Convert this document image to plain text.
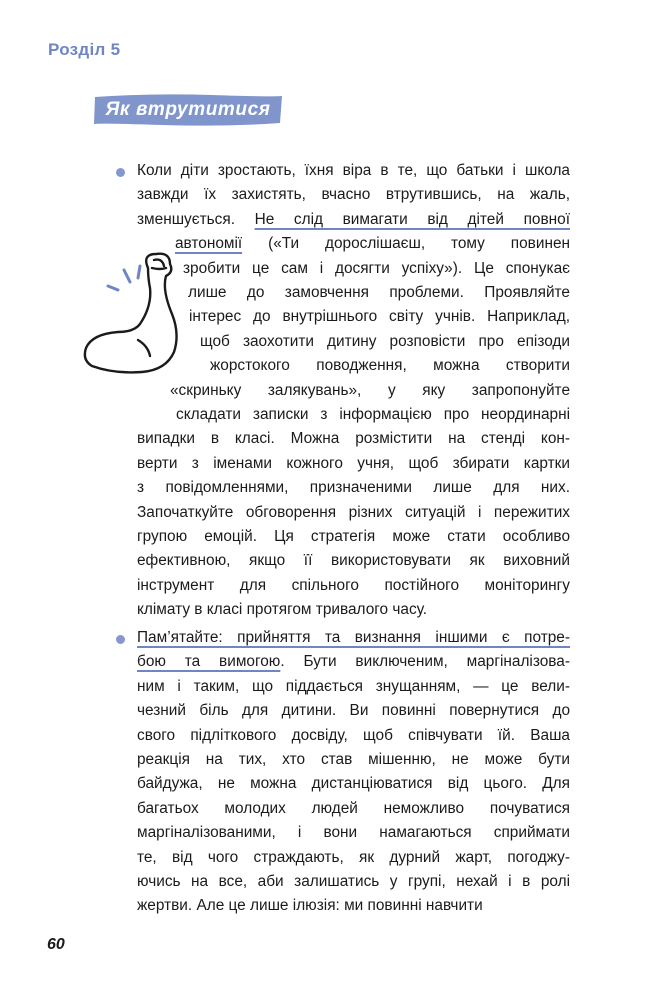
Розділ 5
Як втрутитися
Коли діти зростають, їхня віра в те, що батьки і школа
завжди їх захистять, вчасно втрутившись, на жаль,
зменшується. Не слід вимагати від дітей повної
автономії («Ти дорослішаєш, тому повинен
зробити це сам і досягти успіху»). Це спонукає
лише до замовчення проблеми. Проявляйте
інтерес до внутрішнього світу учнів. Наприклад,
щоб заохотити дитину розповісти про епізоди
жорстокого поводження, можна створити
«скриньку залякувань», у яку запропонуйте
складати записки з інформацією про неординарні
випадки в класі. Можна розмістити на стенді кон-
верти з іменами кожного учня, щоб збирати картки
з повідомленнями, призначеними лише для них.
Започаткуйте обговорення різних ситуацій і пережитих
групою емоцій. Ця стратегія може стати особливо
ефективною, якщо її використовувати як виховний
інструмент для спільного постійного моніторингу
клімату в класі протягом тривалого часу.
Пам’ятайте: прийняття та визнання іншими є потре-
бою та вимогою. Бути виключеним, маргіналізова-
ним і таким, що піддається знущанням, — це вели-
чезний біль для дитини. Ви повинні повернутися до
свого підліткового досвіду, щоб співчувати їй. Ваша
реакція на тих, хто став мішенню, не може бути
байдужа, не можна дистанціюватися від цього. Для
багатьох молодих людей неможливо почуватися
маргіналізованими, і вони намагаються сприймати
те, від чого страждають, як дурний жарт, погоджу-
ючись на все, аби залишатись у групі, нехай і в ролі
жертви. Але це лише ілюзія: ми повинні навчити
60
